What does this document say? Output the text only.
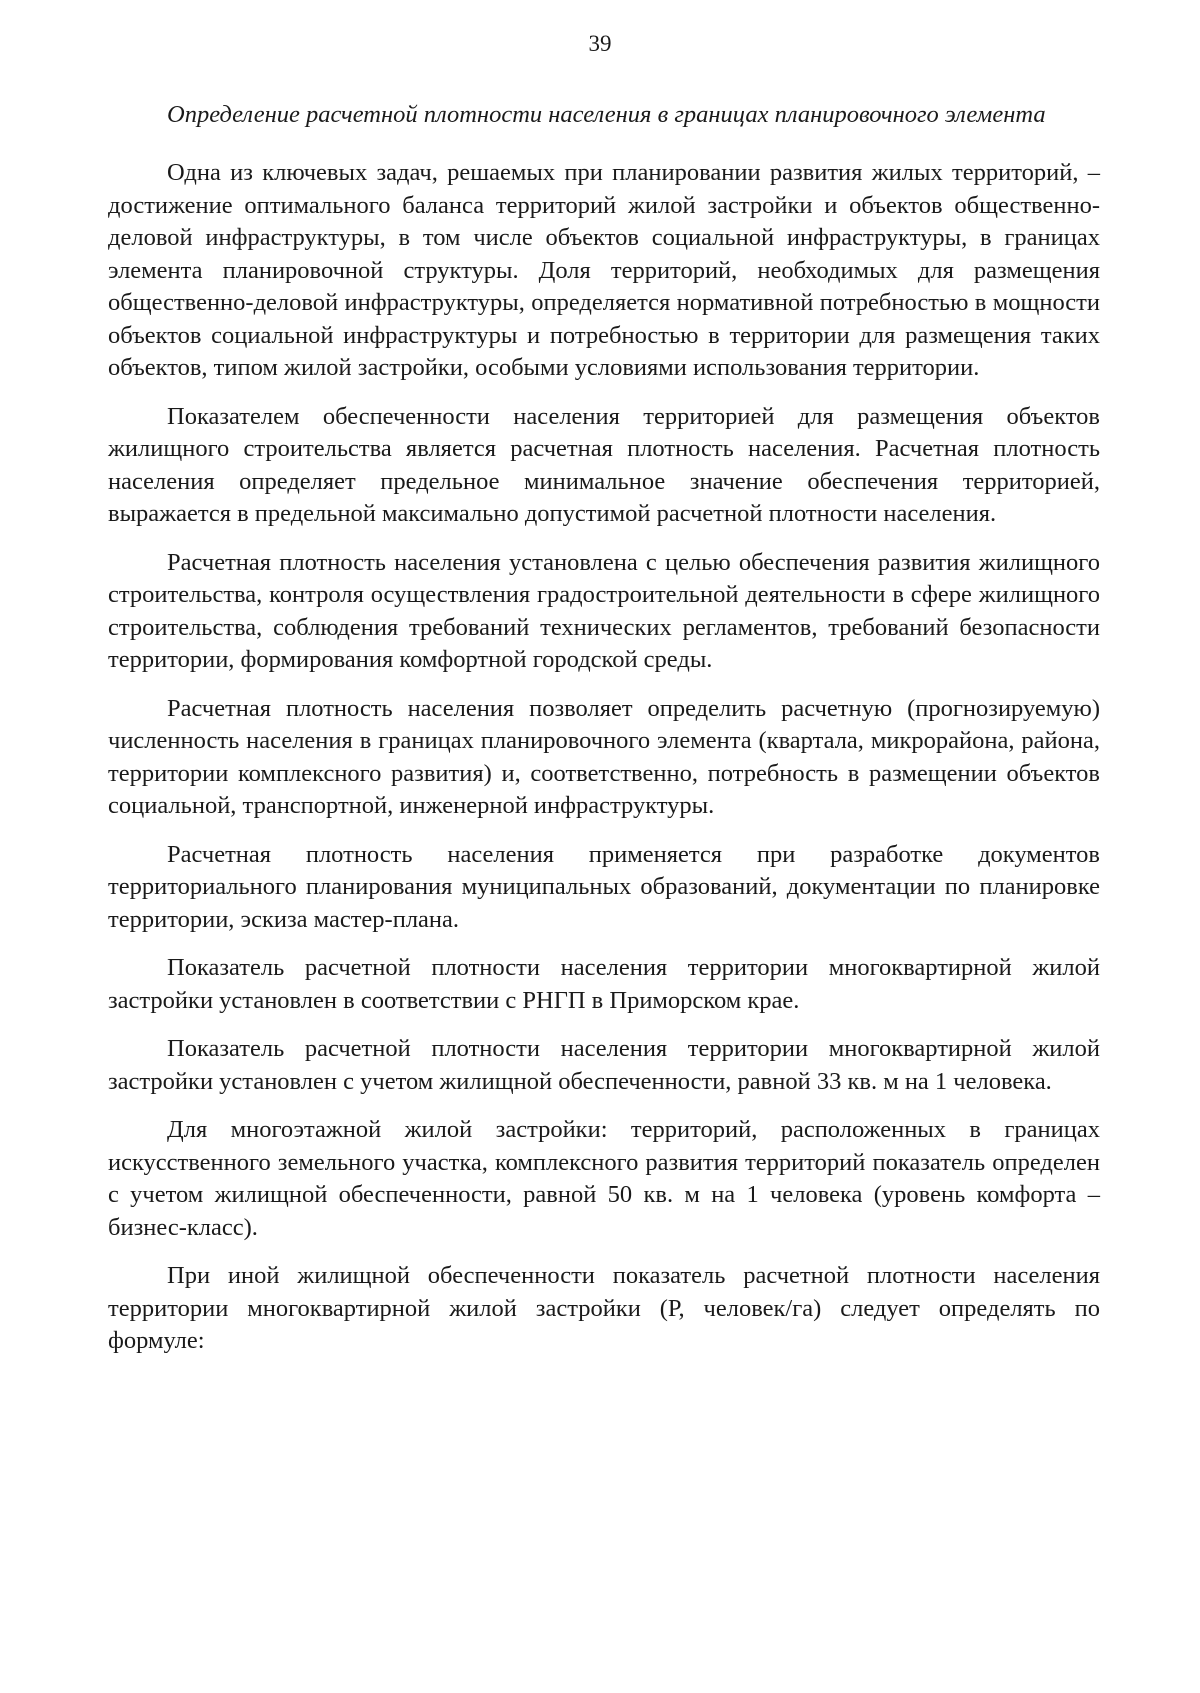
39
Определение расчетной плотности населения в границах планировочного элемента

Одна из ключевых задач, решаемых при планировании развития жилых территорий, – достижение оптимального баланса территорий жилой застройки и объектов общественно-деловой инфраструктуры, в том числе объектов социальной инфраструктуры, в границах элемента планировочной структуры. Доля территорий, необходимых для размещения общественно-деловой инфраструктуры, определяется нормативной потребностью в мощности объектов социальной инфраструктуры и потребностью в территории для размещения таких объектов, типом жилой застройки, особыми условиями использования территории.

Показателем обеспеченности населения территорией для размещения объектов жилищного строительства является расчетная плотность населения. Расчетная плотность населения определяет предельное минимальное значение обеспечения территорией, выражается в предельной максимально допустимой расчетной плотности населения.

Расчетная плотность населения установлена с целью обеспечения развития жилищного строительства, контроля осуществления градостроительной деятельности в сфере жилищного строительства, соблюдения требований технических регламентов, требований безопасности территории, формирования комфортной городской среды.

Расчетная плотность населения позволяет определить расчетную (прогнозируемую) численность населения в границах планировочного элемента (квартала, микрорайона, района, территории комплексного развития) и, соответственно, потребность в размещении объектов социальной, транспортной, инженерной инфраструктуры.

Расчетная плотность населения применяется при разработке документов территориального планирования муниципальных образований, документации по планировке территории, эскиза мастер-плана.

Показатель расчетной плотности населения территории многоквартирной жилой застройки установлен в соответствии с РНГП в Приморском крае.

Показатель расчетной плотности населения территории многоквартирной жилой застройки установлен с учетом жилищной обеспеченности, равной 33 кв. м на 1 человека.

Для многоэтажной жилой застройки: территорий, расположенных в границах искусственного земельного участка, комплексного развития территорий показатель определен с учетом жилищной обеспеченности, равной 50 кв. м на 1 человека (уровень комфорта – бизнес-класс).

При иной жилищной обеспеченности показатель расчетной плотности населения территории многоквартирной жилой застройки (Р, человек/га) следует определять по формуле:
